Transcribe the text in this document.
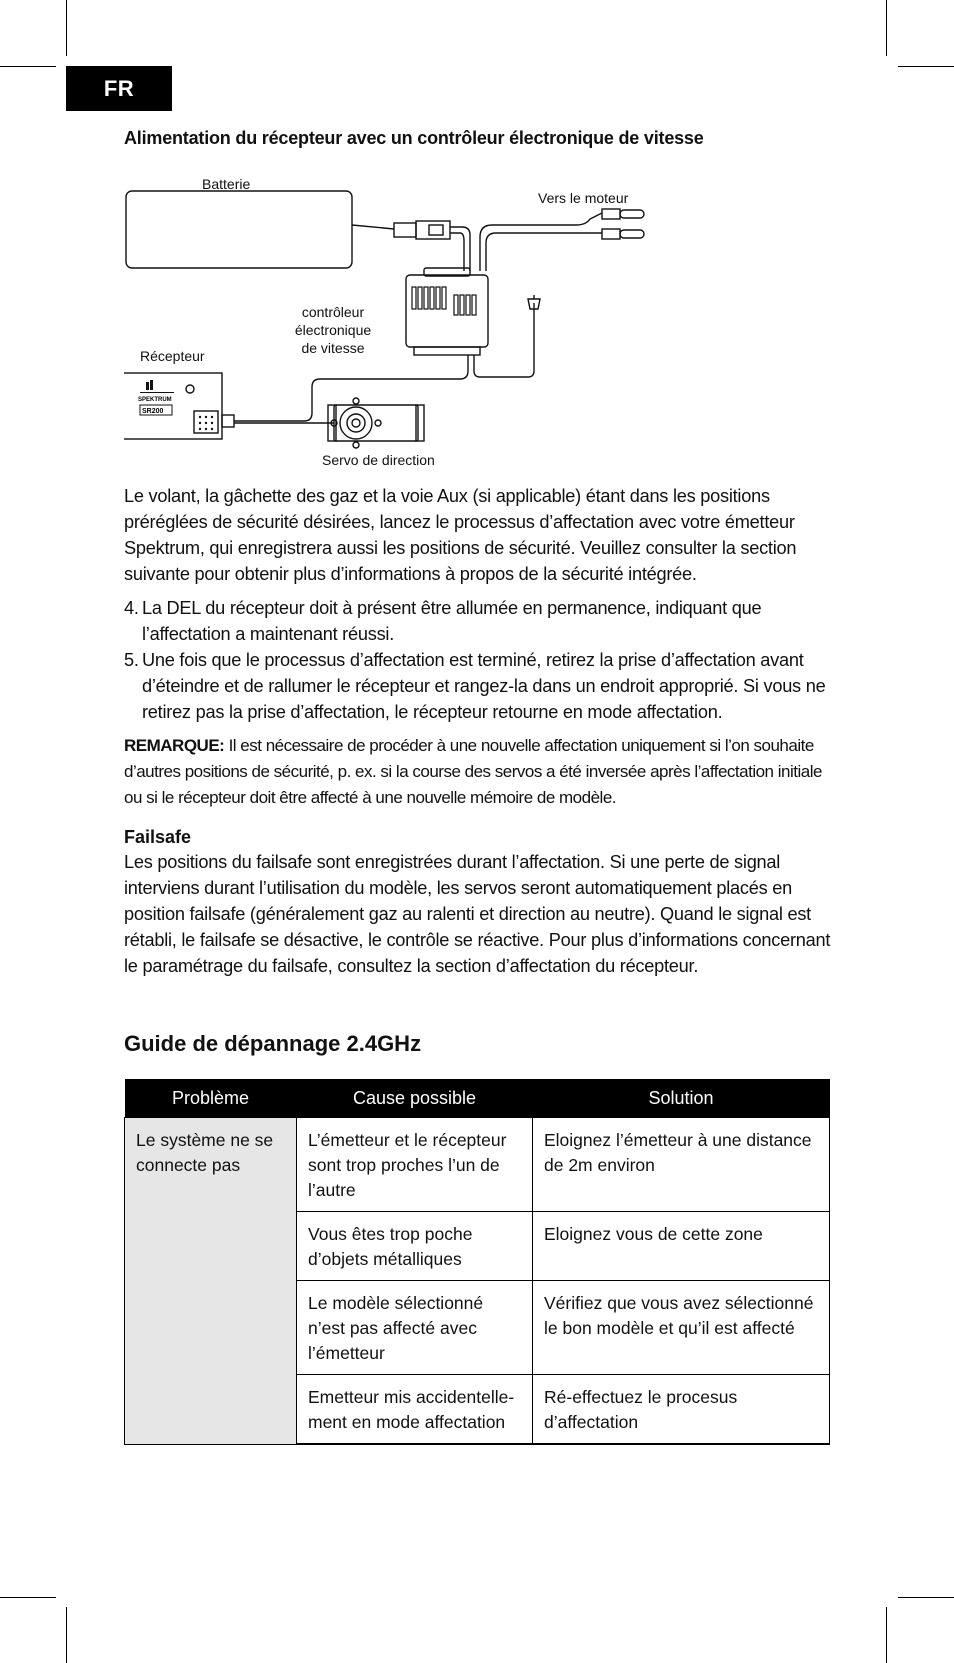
FR
Alimentation du récepteur avec un contrôleur électronique de vitesse
SPEKTRUM
SR200
Batterie
Vers le moteur
contrôleur électronique
de vitesse
Récepteur
Servo de direction

Le volant, la gâchette des gaz et la voie Aux (si applicable) étant dans les positions préréglées de sécurité désirées, lancez le processus d’affectation avec votre émetteur Spektrum, qui enregistrera aussi les positions de sécurité. Veuillez consulter la section suivante pour obtenir plus d’informations à propos de la sécurité intégrée.

4. La DEL du récepteur doit à présent être allumée en permanence, indiquant que l’affectation a maintenant réussi.
5. Une fois que le processus d’affectation est terminé, retirez la prise d’affectation avant d’éteindre et de rallumer le récepteur et rangez-la dans un endroit approprié. Si vous ne retirez pas la prise d’affectation, le récepteur retourne en mode affectation.

REMARQUE: Il est nécessaire de procéder à une nouvelle affectation uniquement si l’on souhaite d’autres positions de sécurité, p. ex. si la course des servos a été inversée après l’affectation initiale ou si le récepteur doit être affecté à une nouvelle mémoire de modèle.

Failsafe

Les positions du failsafe sont enregistrées durant l’affectation. Si une perte de signal interviens durant l’utilisation du modèle, les servos seront automatiquement placés en position failsafe (généralement gaz au ralenti et direction au neutre). Quand le signal est rétabli, le failsafe se désactive, le contrôle se réactive. Pour plus d’informations concernant le paramétrage du failsafe, consultez la section d’affectation du récepteur.

Guide de dépannage 2.4GHz
Problème	Cause possible	Solution
Le système ne se connecte pas	L’émetteur et le récepteur sont trop proches l’un de l’autre	Eloignez l’émetteur à une distance de 2m environ
	Vous êtes trop poche d’objets métalliques	Eloignez vous de cette zone
	Le modèle sélectionné n’est pas affecté avec l’émetteur	Vérifiez que vous avez sélectionné le bon modèle et qu’il est affecté
	Emetteur mis accidentelle-ment en mode affectation	Ré-effectuez le procesus d’affectation
